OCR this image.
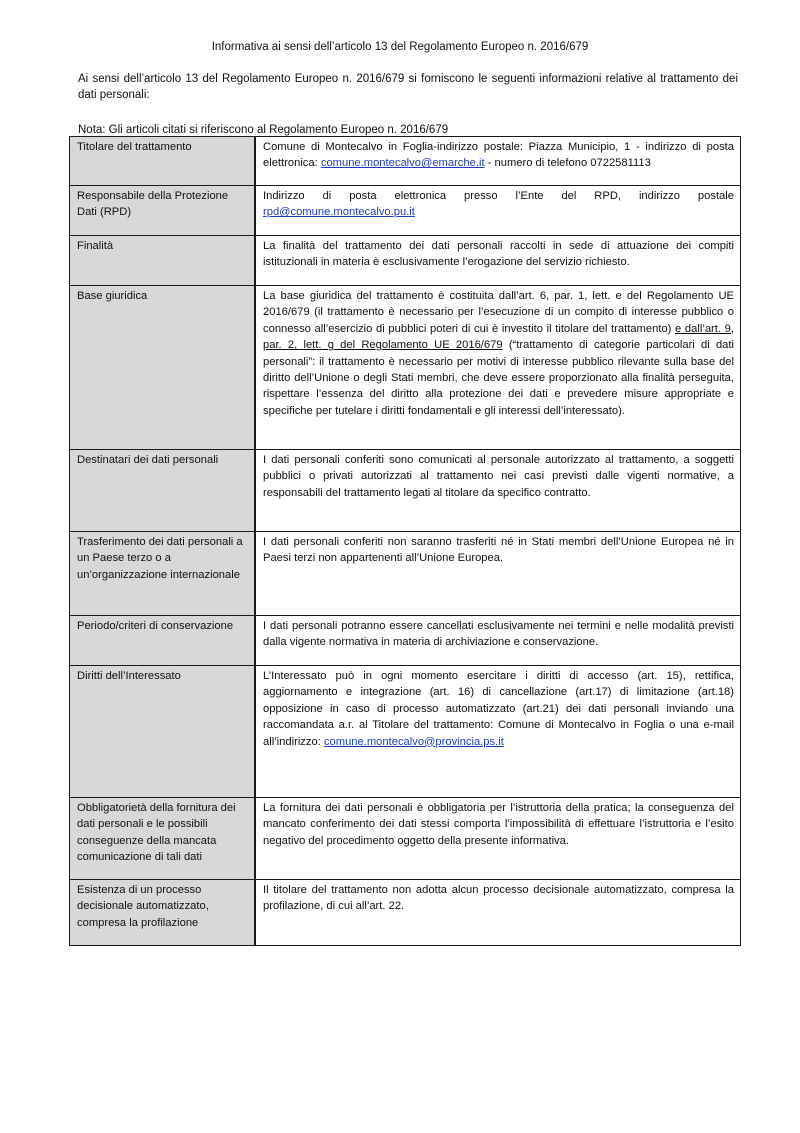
Informativa ai sensi dell’articolo 13 del Regolamento Europeo n. 2016/679
Ai sensi dell’articolo 13 del Regolamento Europeo n. 2016/679 si forniscono le seguenti informazioni relative al trattamento dei dati personali:
Nota: Gli articoli citati si riferiscono al Regolamento Europeo n. 2016/679
Titolare del trattamento	Comune di Montecalvo in Foglia-indirizzo postale: Piazza Municipio, 1 - indirizzo di posta elettronica: comune.montecalvo@emarche.it - numero di telefono 0722581113
Responsabile della Protezione Dati (RPD)	Indirizzo di posta elettronica presso l’Ente del RPD, indirizzo postale rpd@comune.montecalvo.pu.it
Finalità	La finalità del trattamento dei dati personali raccolti in sede di attuazione dei compiti istituzionali in materia è esclusivamente l’erogazione del servizio richiesto.
Base giuridica	La base giuridica del trattamento è costituita dall’art. 6, par. 1, lett. e del Regolamento UE 2016/679 (il trattamento è necessario per l’esecuzione di un compito di interesse pubblico o connesso all’esercizio di pubblici poteri di cui è investito il titolare del trattamento) e dall’art. 9, par. 2, lett. g del Regolamento UE 2016/679 (“trattamento di categorie particolari di dati personali”: il trattamento è necessario per motivi di interesse pubblico rilevante sulla base del diritto dell’Unione o degli Stati membri, che deve essere proporzionato alla finalità perseguita, rispettare l’essenza del diritto alla protezione dei dati e prevedere misure appropriate e specifiche per tutelare i diritti fondamentali e gli interessi dell’interessato).
Destinatari dei dati personali	I dati personali conferiti sono comunicati al personale autorizzato al trattamento, a soggetti pubblici o privati autorizzati al trattamento nei casi previsti dalle vigenti normative, a responsabili del trattamento legati al titolare da specifico contratto.
Trasferimento dei dati personali a un Paese terzo o a un’organizzazione internazionale	I dati personali conferiti non saranno trasferiti né in Stati membri dell’Unione Europea né in Paesi terzi non appartenenti all’Unione Europea.
Periodo/criteri di conservazione	I dati personali potranno essere cancellati esclusivamente nei termini e nelle modalità previsti dalla vigente normativa in materia di archiviazione e conservazione.
Diritti dell’Interessato	L’Interessato può in ogni momento esercitare i diritti di accesso (art. 15), rettifica, aggiornamento e integrazione (art. 16) di cancellazione (art.17) di limitazione (art.18) opposizione in caso di processo automatizzato (art.21) dei dati personali inviando una raccomandata a.r. al Titolare del trattamento: Comune di Montecalvo in Foglia o una e-mail all’indirizzo: comune.montecalvo@provincia.ps.it
Obbligatorietà della fornitura dei dati personali e le possibili conseguenze della mancata comunicazione di tali dati	La fornitura dei dati personali è obbligatoria per l’istruttoria della pratica; la conseguenza del mancato conferimento dei dati stessi comporta l’impossibilità di effettuare l’istruttoria e l’esito negativo del procedimento oggetto della presente informativa.
Esistenza di un processo decisionale automatizzato, compresa la profilazione	Il titolare del trattamento non adotta alcun processo decisionale automatizzato, compresa la profilazione, di cui all’art. 22.
